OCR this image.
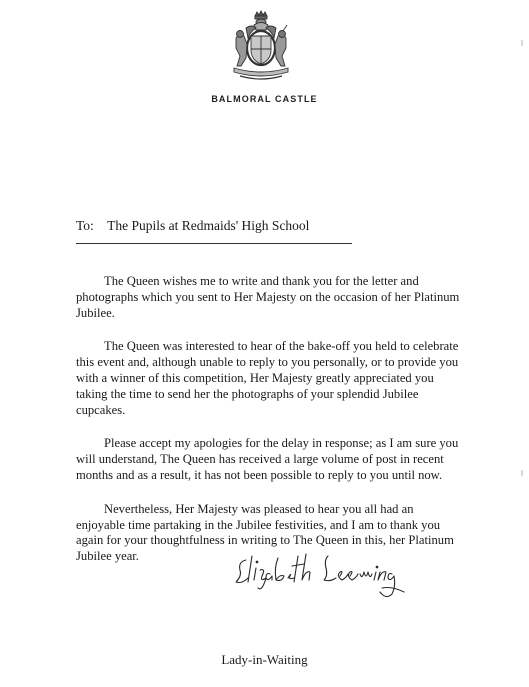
BALMORAL CASTLE
To: The Pupils at Redmaids' High School

The Queen wishes me to write and thank you for the letter and
photographs which you sent to Her Majesty on the occasion of her Platinum
Jubilee.

The Queen was interested to hear of the bake-off you held to celebrate
this event and, although unable to reply to you personally, or to provide you
with a winner of this competition, Her Majesty greatly appreciated you
taking the time to send her the photographs of your splendid Jubilee
cupcakes.

Please accept my apologies for the delay in response; as I am sure you
will understand, The Queen has received a large volume of post in recent
months and as a result, it has not been possible to reply to you until now.

Nevertheless, Her Majesty was pleased to hear you all had an
enjoyable time partaking in the Jubilee festivities, and I am to thank you
again for your thoughtfulness in writing to The Queen in this, her Platinum
Jubilee year.

Lady-in-Waiting
